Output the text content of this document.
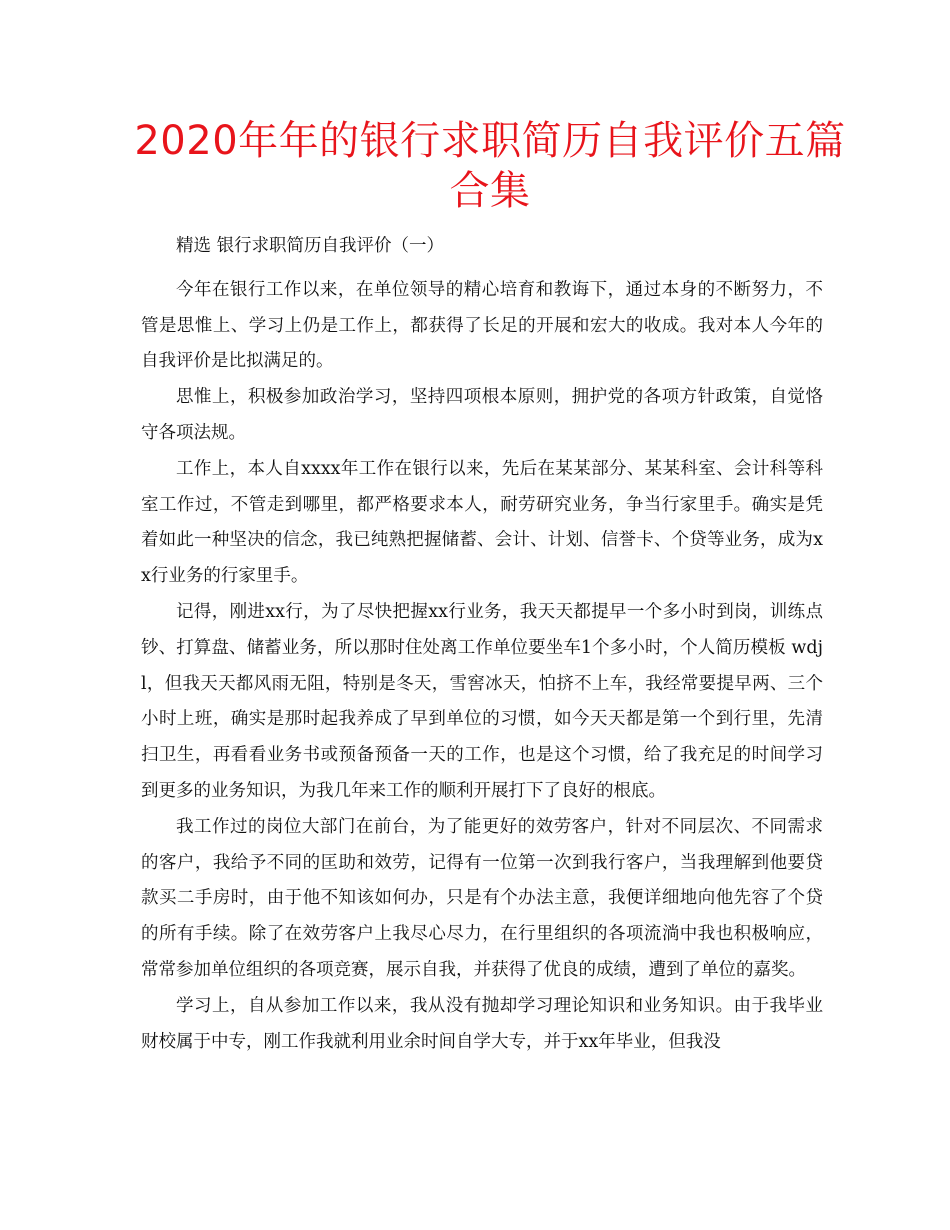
2020年年的银行求职简历自我评价五篇合集

精选 银行求职简历自我评价（一）

今年在银行工作以来，在单位领导的精心培育和教诲下，通过本身的不断努力，不管是思惟上、学习上仍是工作上，都获得了长足的开展和宏大的收成。我对本人今年的自我评价是比拟满足的。

思惟上，积极参加政治学习，坚持四项根本原则，拥护党的各项方针政策，自觉恪守各项法规。

工作上，本人自xxxx年工作在银行以来，先后在某某部分、某某科室、会计科等科室工作过，不管走到哪里，都严格要求本人，耐劳研究业务，争当行家里手。确实是凭着如此一种坚决的信念，我已纯熟把握储蓄、会计、计划、信誉卡、个贷等业务，成为xx行业务的行家里手。

记得，刚进xx行，为了尽快把握xx行业务，我天天都提早一个多小时到岗，训练点钞、打算盘、储蓄业务，所以那时住处离工作单位要坐车1个多小时，个人简历模板 wdjl，但我天天都风雨无阻，特别是冬天，雪窖冰天，怕挤不上车，我经常要提早两、三个小时上班，确实是那时起我养成了早到单位的习惯，如今天天都是第一个到行里，先清扫卫生，再看看业务书或预备预备一天的工作，也是这个习惯，给了我充足的时间学习到更多的业务知识，为我几年来工作的顺利开展打下了良好的根底。

我工作过的岗位大部门在前台，为了能更好的效劳客户，针对不同层次、不同需求的客户，我给予不同的匡助和效劳，记得有一位第一次到我行客户，当我理解到他要贷款买二手房时，由于他不知该如何办，只是有个办法主意，我便详细地向他先容了个贷的所有手续。除了在效劳客户上我尽心尽力，在行里组织的各项流淌中我也积极响应，常常参加单位组织的各项竞赛，展示自我，并获得了优良的成绩，遭到了单位的嘉奖。

学习上，自从参加工作以来，我从没有抛却学习理论知识和业务知识。由于我毕业财校属于中专，刚工作我就利用业余时间自学大专，并于xx年毕业，但我没
